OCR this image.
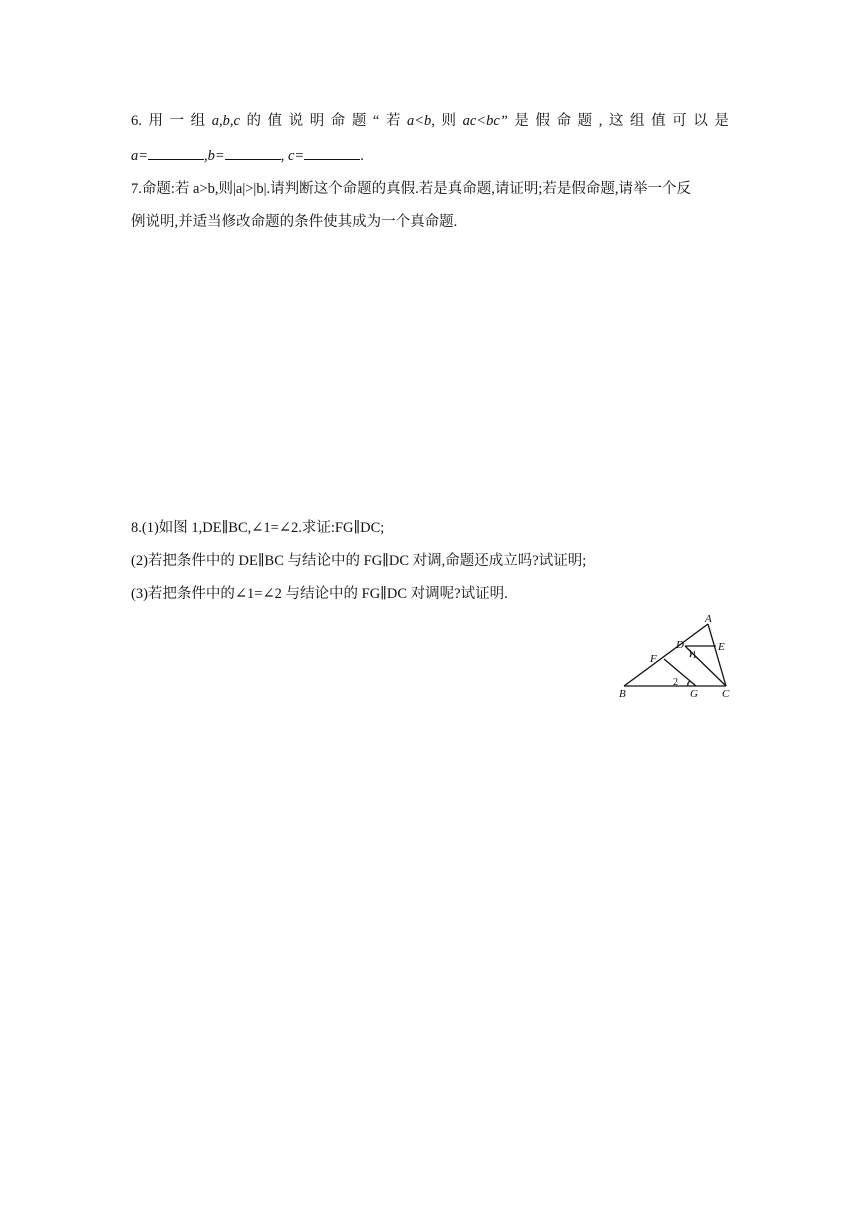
6. 用 一 组 a,b,c 的 值 说 明 命 题 “ 若 a<b, 则 ac<bc” 是 假 命 题 , 这 组 值 可 以 是
a=	,b=	, c=	.
7.命题:若 a>b,则|a|>|b|.请判断这个命题的真假.若是真命题,请证明;若是假命题,请举一个反
例说明,并适当修改命题的条件使其成为一个真命题.
8.(1)如图 1,DE∥BC,∠1=∠2.求证:FG∥DC;
(2)若把条件中的 DE∥BC 与结论中的 FG∥DC 对调,命题还成立吗?试证明;
(3)若把条件中的∠1=∠2 与结论中的 FG∥DC 对调呢?试证明.
A
E
D
F	1
2
B	G C
